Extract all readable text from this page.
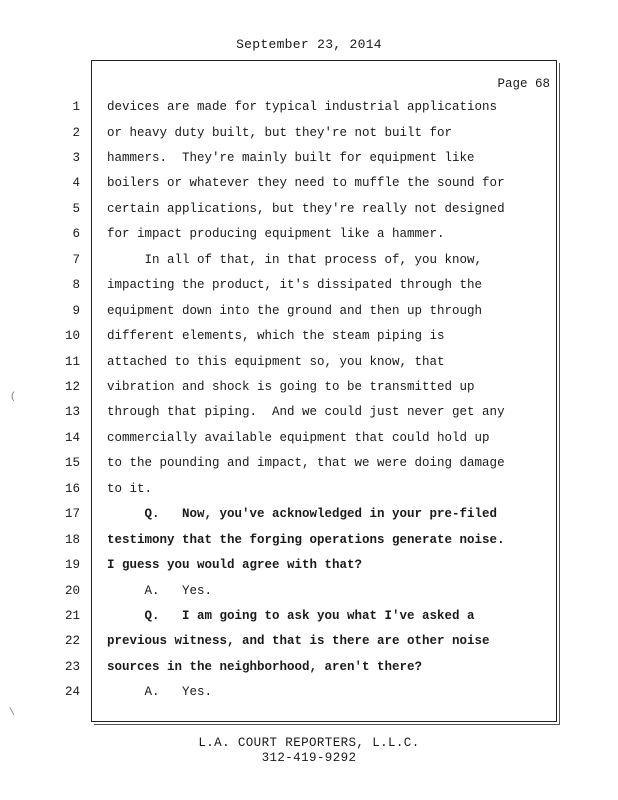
September 23, 2014
Page 68
1 devices are made for typical industrial applications
2 or heavy duty built, but they're not built for
3 hammers.  They're mainly built for equipment like
4 boilers or whatever they need to muffle the sound for
5 certain applications, but they're really not designed
6 for impact producing equipment like a hammer.
7 In all of that, in that process of, you know,
8 impacting the product, it's dissipated through the
9 equipment down into the ground and then up through
10 different elements, which the steam piping is
11 attached to this equipment so, you know, that
12 vibration and shock is going to be transmitted up
13 through that piping.  And we could just never get any
14 commercially available equipment that could hold up
15 to the pounding and impact, that we were doing damage
16 to it.
17 Q.   Now, you've acknowledged in your pre-filed
18 testimony that the forging operations generate noise.
19 I guess you would agree with that?
20 A.   Yes.
21 Q.   I am going to ask you what I've asked a
22 previous witness, and that is there are other noise
23 sources in the neighborhood, aren't there?
24 A.   Yes.
L.A. COURT REPORTERS, L.L.C.
312-419-9292
(
\
